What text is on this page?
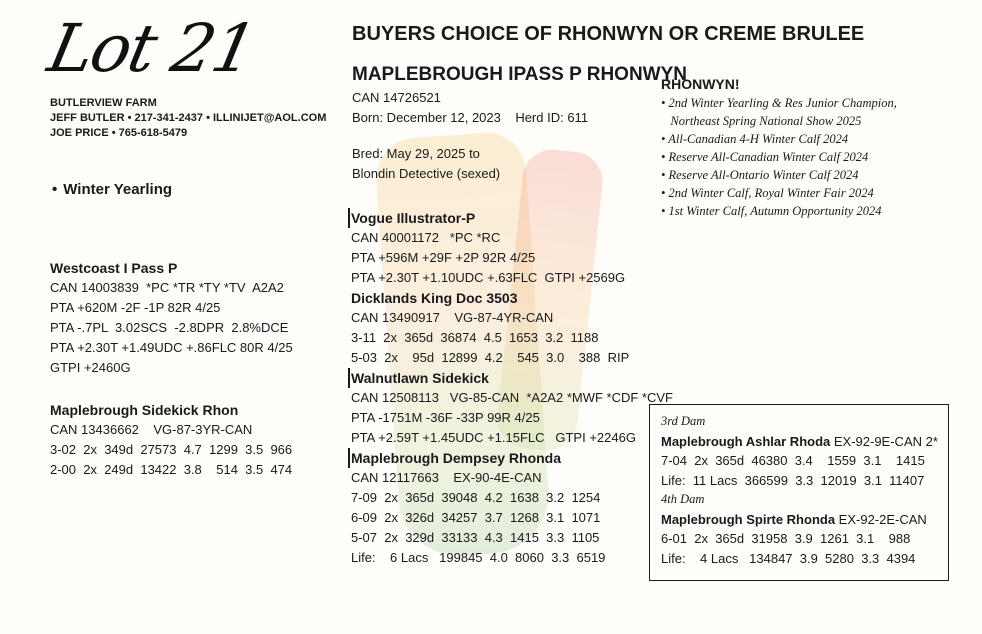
Lot 21
BUTLERVIEW FARM
JEFF BUTLER • 217-341-2437 • ILLINIJET@AOL.COM
JOE PRICE • 765-618-5479
• Winter Yearling
BUYERS CHOICE OF RHONWYN OR CREME BRULEE
MAPLEBROUGH IPASS P RHONWYN
CAN 14726521
Born: December 12, 2023    Herd ID: 611
Bred: May 29, 2025 to
Blondin Detective (sexed)
Westcoast I Pass P
CAN 14003839  *PC *TR *TY *TV  A2A2
PTA +620M -2F -1P 82R 4/25
PTA -.7PL  3.02SCS  -2.8DPR  2.8%DCE
PTA +2.30T +1.49UDC +.86FLC 80R 4/25
GTPI +2460G
Maplebrough Sidekick Rhon
CAN 13436662    VG-87-3YR-CAN
3-02  2x  349d  27573  4.7  1299  3.5  966
2-00  2x  249d  13422  3.8    514  3.5  474
Vogue Illustrator-P
CAN 40001172   *PC *RC
PTA +596M +29F +2P 92R 4/25
PTA +2.30T +1.10UDC +.63FLC  GTPI +2569G
Dicklands King Doc 3503
CAN 13490917    VG-87-4YR-CAN
3-11  2x  365d  36874  4.5  1653  3.2  1188
5-03  2x    95d  12899  4.2    545  3.0    388  RIP
Walnutlawn Sidekick
CAN 12508113   VG-85-CAN  *A2A2 *MWF *CDF *CVF
PTA -1751M -36F -33P 99R 4/25
PTA +2.59T +1.45UDC +1.15FLC   GTPI +2246G
Maplebrough Dempsey Rhonda
CAN 12117663    EX-90-4E-CAN
7-09  2x  365d  39048  4.2  1638  3.2  1254
6-09  2x  326d  34257  3.7  1268  3.1  1071
5-07  2x  329d  33133  4.3  1415  3.3  1105
Life:    6 Lacs   199845  4.0  8060  3.3  6519
RHONWYN!
• 2nd Winter Yearling & Res Junior Champion,
Northeast Spring National Show 2025
• All-Canadian 4-H Winter Calf 2024
• Reserve All-Canadian Winter Calf 2024
• Reserve All-Ontario Winter Calf 2024
• 2nd Winter Calf, Royal Winter Fair 2024
• 1st Winter Calf, Autumn Opportunity 2024
3rd Dam
Maplebrough Ashlar Rhoda EX-92-9E-CAN 2*
7-04  2x  365d  46380  3.4    1559  3.1    1415
Life:  11 Lacs  366599  3.3  12019  3.1  11407
4th Dam
Maplebrough Spirte Rhonda EX-92-2E-CAN
6-01  2x  365d  31958  3.9  1261  3.1    988
Life:    4 Lacs   134847  3.9  5280  3.3  4394
